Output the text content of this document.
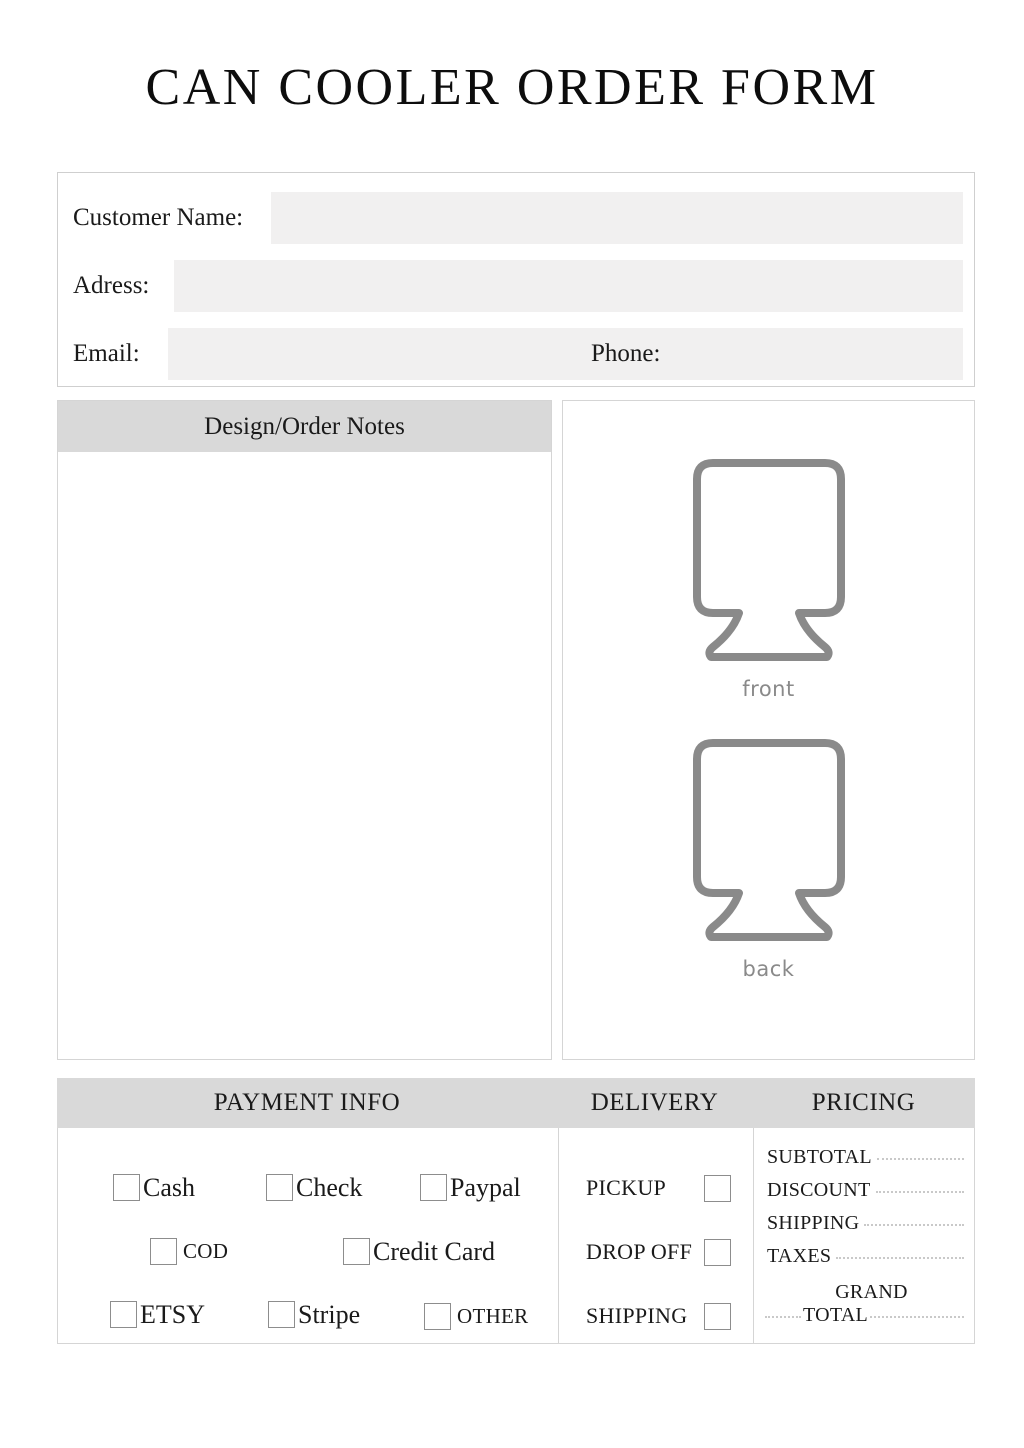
CAN COOLER ORDER FORM
Customer Name:
Adress:
Email:	Phone:
Design/Order Notes
front
back
PAYMENT INFO	DELIVERY	PRICING
Cash	Check	Paypal
COD	Credit Card
ETSY	Stripe	OTHER
PICKUP
DROP OFF
SHIPPING
SUBTOTAL
DISCOUNT
SHIPPING
TAXES
GRAND
TOTAL
